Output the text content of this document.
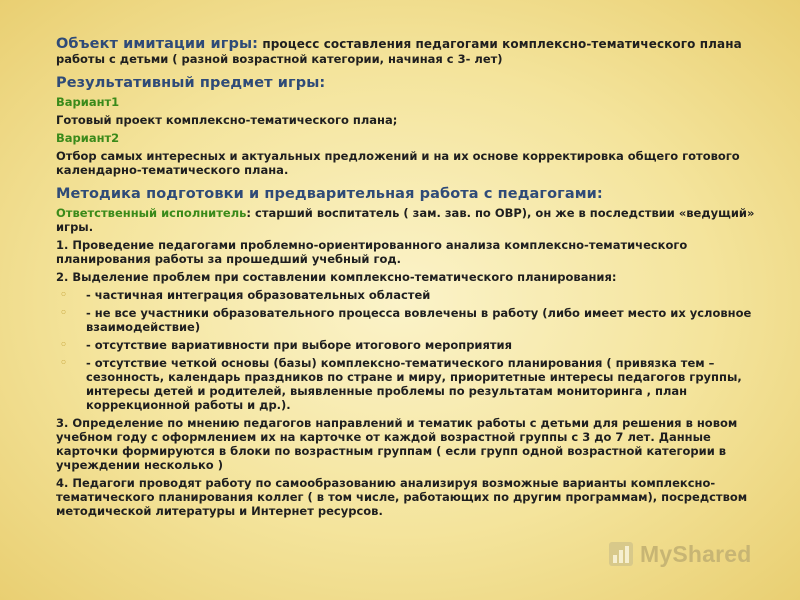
Объект имитации игры: процесс составления педагогами комплексно-тематического плана
работы с детьми ( разной возрастной категории, начиная с 3- лет)
Результативный предмет игры:
Вариант1
Готовый проект комплексно-тематического плана;
Вариант2
Отбор самых интересных и актуальных предложений и на их основе корректировка общего готового календарно-тематического плана.
Методика подготовки и предварительная работа с педагогами:
Ответственный исполнитель: старший воспитатель ( зам. зав. по ОВР), он же в последствии «ведущий» игры.
1. Проведение педагогами проблемно-ориентированного анализа комплексно-тематического планирования работы за прошедший учебный год.
2. Выделение проблем при составлении комплексно-тематического планирования:
◦ - частичная интеграция образовательных областей
◦ - не все участники образовательного процесса вовлечены в работу (либо имеет место их условное взаимодействие)
◦ - отсутствие вариативности при выборе итогового мероприятия
◦ - отсутствие четкой основы (базы) комплексно-тематического планирования ( привязка тем – сезонность, календарь праздников по стране и миру, приоритетные интересы педагогов группы, интересы детей и родителей, выявленные проблемы по результатам мониторинга , план коррекционной работы и др.).
3. Определение по мнению педагогов направлений и тематик работы с детьми для решения в новом учебном году с оформлением их на карточке от каждой возрастной группы с 3 до 7 лет. Данные карточки формируются в блоки по возрастным группам ( если групп одной возрастной категории в учреждении несколько )
4. Педагоги проводят работу по самообразованию анализируя возможные варианты комплексно-тематического планирования коллег ( в том числе, работающих по другим программам), посредством методической литературы и Интернет ресурсов.
MyShared
